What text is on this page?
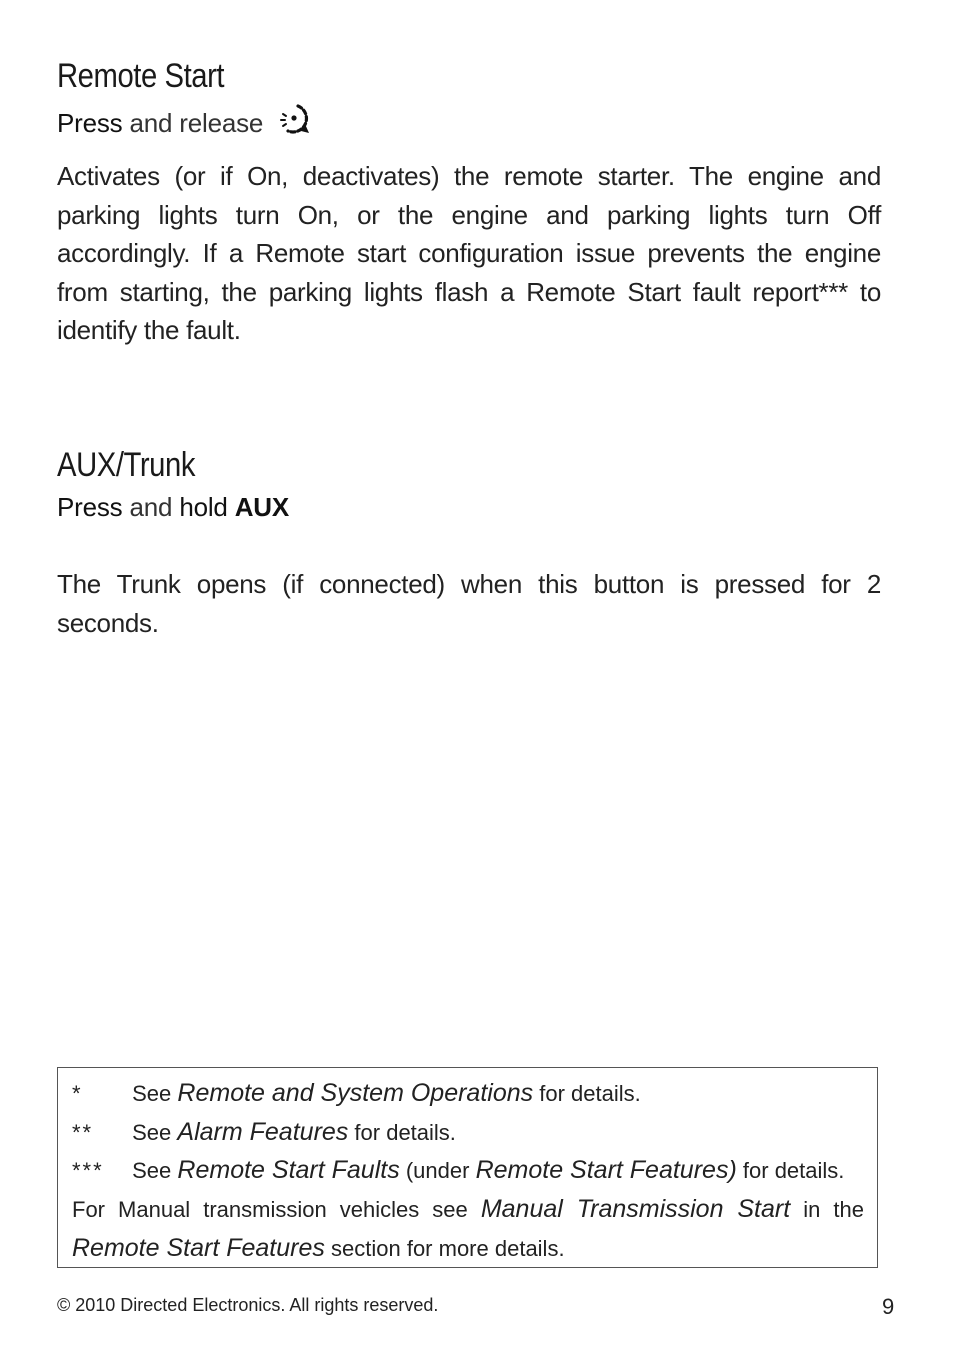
Remote Start

Press and release

Activates (or if On, deactivates) the remote starter. The engine and parking lights turn On, or the engine and parking lights turn Off accordingly. If a Remote start configuration issue prevents the engine from starting, the parking lights flash a Remote Start fault report*** to identify the fault.

AUX/Trunk

Press and hold AUX

The Trunk opens (if connected) when this button is pressed for 2 seconds.

* See Remote and System Operations for details.
** See Alarm Features for details.
*** See Remote Start Faults (under Remote Start Features) for details.
For Manual transmission vehicles see Manual Transmission Start in the Remote Start Features section for more details.
© 2010 Directed Electronics. All rights reserved.	9
